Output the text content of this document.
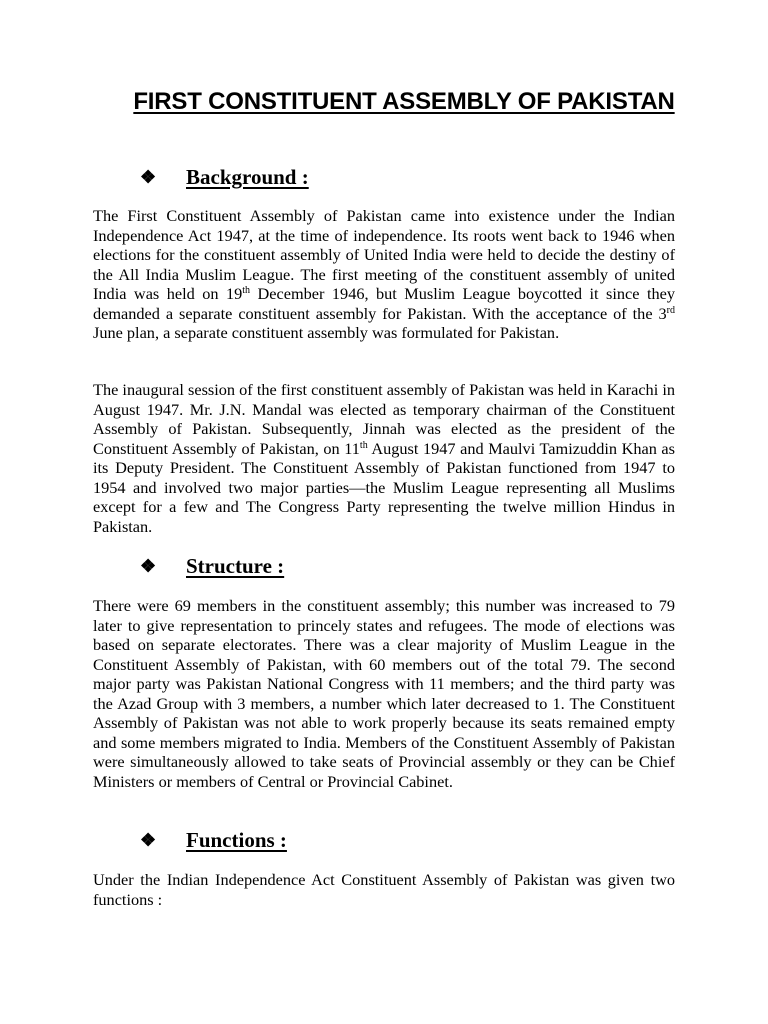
FIRST CONSTITUENT ASSEMBLY OF PAKISTAN
❖	Background :

The First Constituent Assembly of Pakistan came into existence under the Indian Independence Act 1947, at the time of independence. Its roots went back to 1946 when elections for the constituent assembly of United India were held to decide the destiny of the All India Muslim League. The first meeting of the constituent assembly of united India was held on 19th December 1946, but Muslim League boycotted it since they demanded a separate constituent assembly for Pakistan. With the acceptance of the 3rd June plan, a separate constituent assembly was formulated for Pakistan.

The inaugural session of the first constituent assembly of Pakistan was held in Karachi in August 1947. Mr. J.N. Mandal was elected as temporary chairman of the Constituent Assembly of Pakistan. Subsequently, Jinnah was elected as the president of the Constituent Assembly of Pakistan, on 11th August 1947 and Maulvi Tamizuddin Khan as its Deputy President. The Constituent Assembly of Pakistan functioned from 1947 to 1954 and involved two major parties—the Muslim League representing all Muslims except for a few and The Congress Party representing the twelve million Hindus in Pakistan.

❖	Structure :

There were 69 members in the constituent assembly; this number was increased to 79 later to give representation to princely states and refugees. The mode of elections was based on separate electorates. There was a clear majority of Muslim League in the Constituent Assembly of Pakistan, with 60 members out of the total 79. The second major party was Pakistan National Congress with 11 members; and the third party was the Azad Group with 3 members, a number which later decreased to 1. The Constituent Assembly of Pakistan was not able to work properly because its seats remained empty and some members migrated to India. Members of the Constituent Assembly of Pakistan were simultaneously allowed to take seats of Provincial assembly or they can be Chief Ministers or members of Central or Provincial Cabinet.

❖	Functions :

Under the Indian Independence Act Constituent Assembly of Pakistan was given two functions :
